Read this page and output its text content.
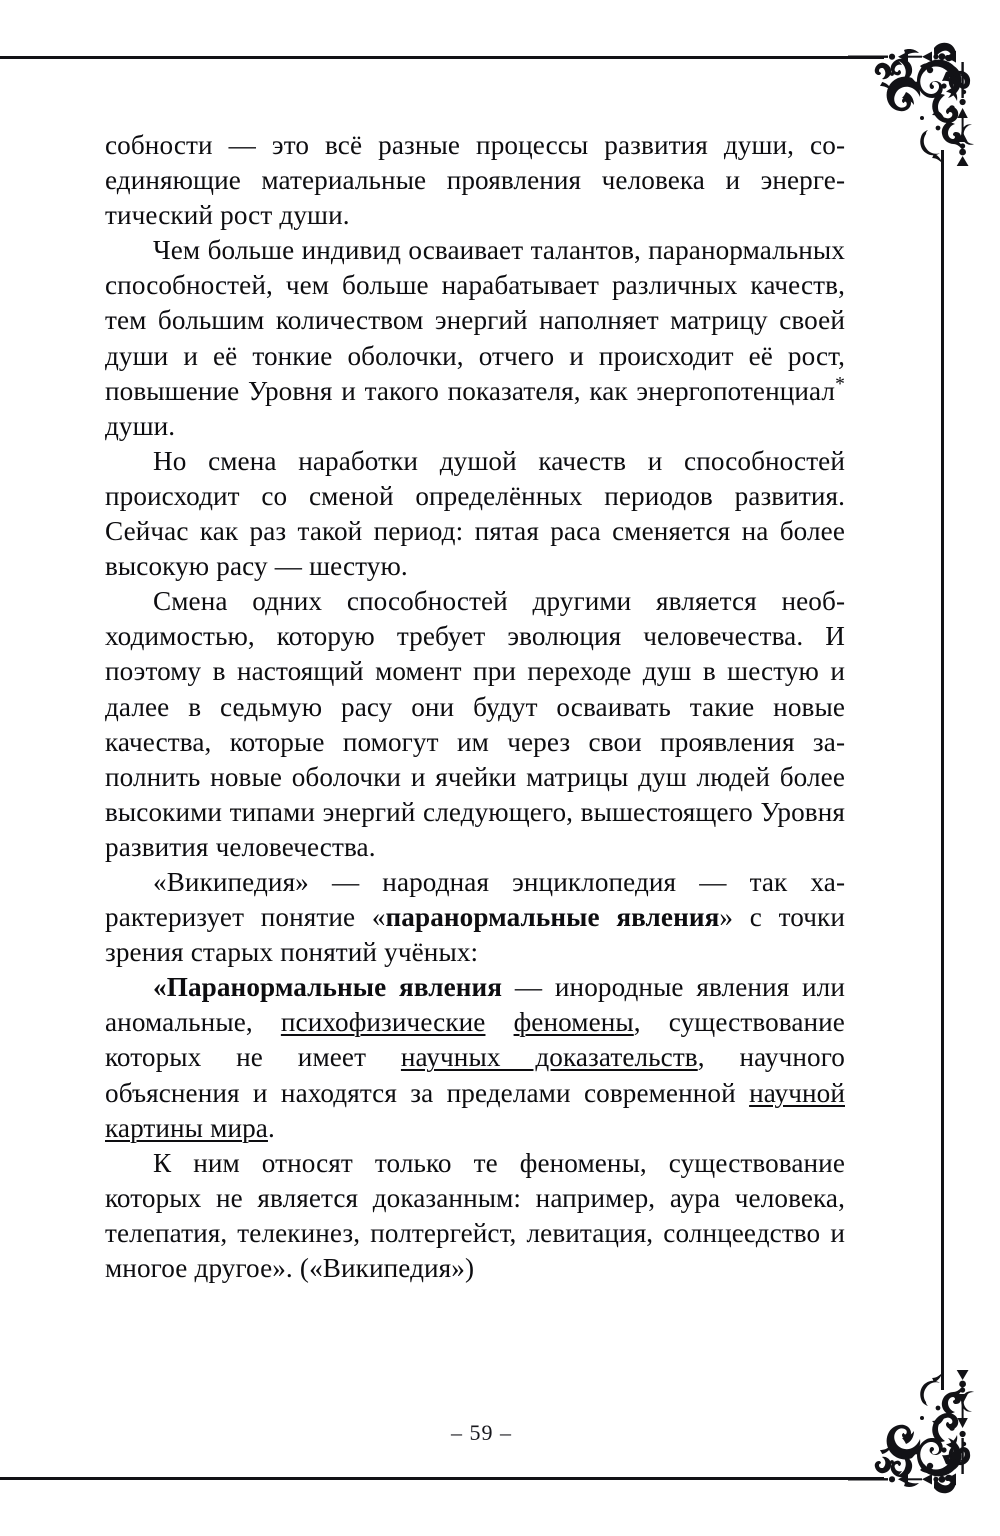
собности — это всё разные процессы развития души, соединяющие материальные проявления человека и энергетический рост души.

Чем больше индивид осваивает талантов, паранормальных способностей, чем больше нарабатывает различных качеств, тем большим количеством энергий наполняет матрицу своей души и её тонкие оболочки, отчего и происходит её рост, повышение Уровня и такого показателя, как энергопотенциал* души.

Но смена наработки душой качеств и способностей происходит со сменой определённых периодов развития. Сейчас как раз такой период: пятая раса сменяется на более высокую расу — шестую.

Смена одних способностей другими является необходимостью, которую требует эволюция человечества. И поэтому в настоящий момент при переходе душ в шестую и далее в седьмую расу они будут осваивать такие новые качества, которые помогут им через свои проявления заполнить новые оболочки и ячейки матрицы душ людей более высокими типами энергий следующего, вышестоящего Уровня развития человечества.

«Википедия» — народная энциклопедия — так характеризует понятие «паранормальные явления» с точки зрения старых понятий учёных:

«Паранормальные явления — инородные явления или аномальные, психофизические феномены, существование которых не имеет научных доказательств, научного объяснения и находятся за пределами современной научной картины мира.

К ним относят только те феномены, существование которых не является доказанным: например, аура человека, телепатия, телекинез, полтергейст, левитация, солнцеедство и многое другое». («Википедия»)

– 59 –
